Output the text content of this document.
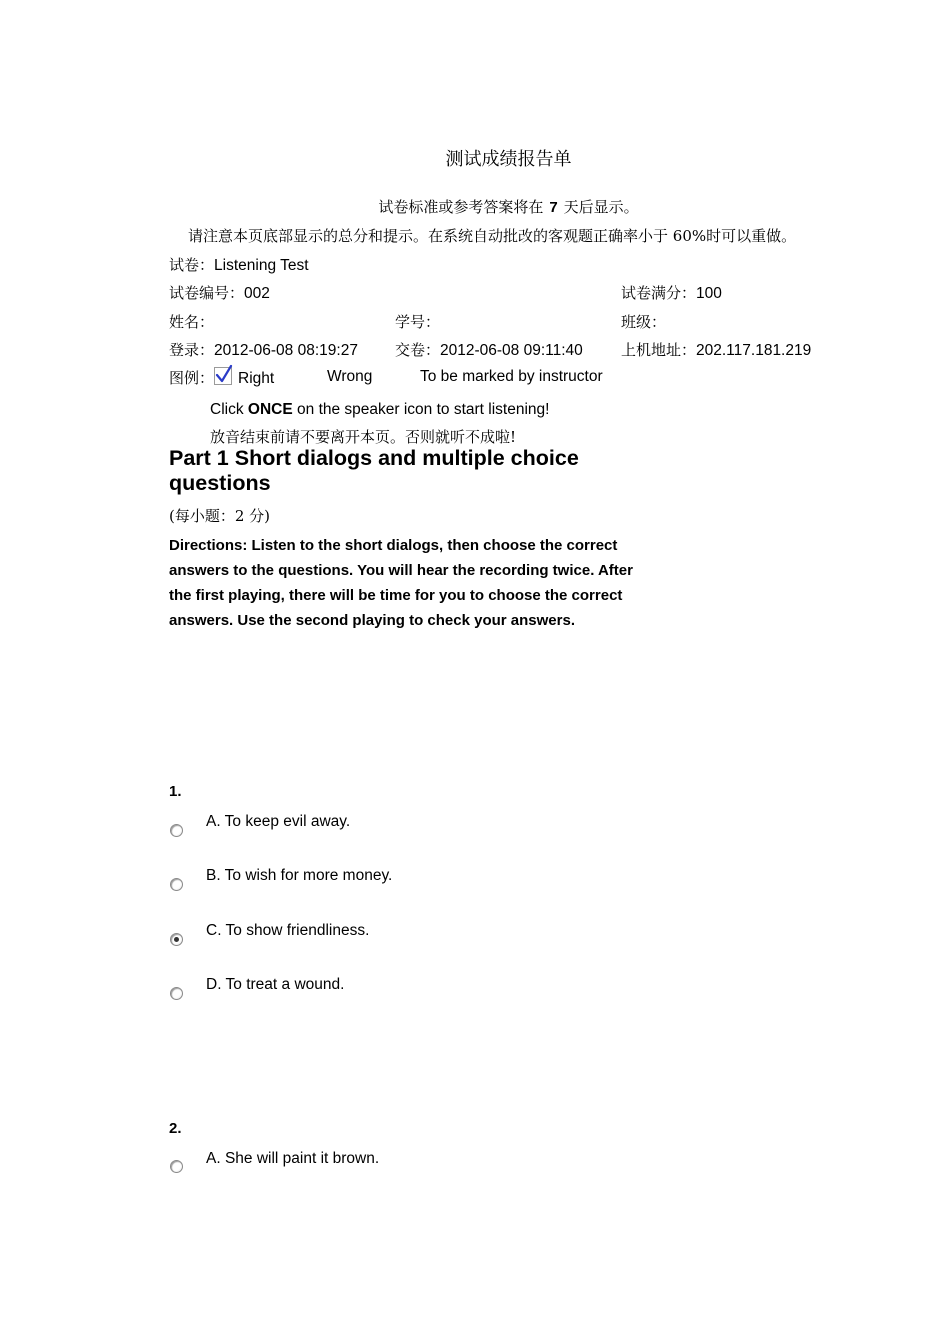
测试成绩报告单
试卷标准或参考答案将在 7 天后显示。
请注意本页底部显示的总分和提示。在系统自动批改的客观题正确率小于 60%时可以重做。
试卷：Listening Test
试卷编号：002	试卷满分：100
姓名：	学号：	班级：
登录：2012-06-08 08:19:27 交卷：2012-06-08 09:11:40	上机地址：202.117.181.219
图例： Right	Wrong	To be marked by instructor
Click ONCE on the speaker icon to start listening!
放音结束前请不要离开本页。否则就听不成啦!
Part 1 Short dialogs and multiple choice questions
(每小题：2 分)
Directions: Listen to the short dialogs, then choose the correct answers to the questions. You will hear the recording twice. After the first playing, there will be time for you to choose the correct answers. Use the second playing to check your answers.
1.
A. To keep evil away.
B. To wish for more money.
C. To show friendliness.
D. To treat a wound.
2.
A. She will paint it brown.
